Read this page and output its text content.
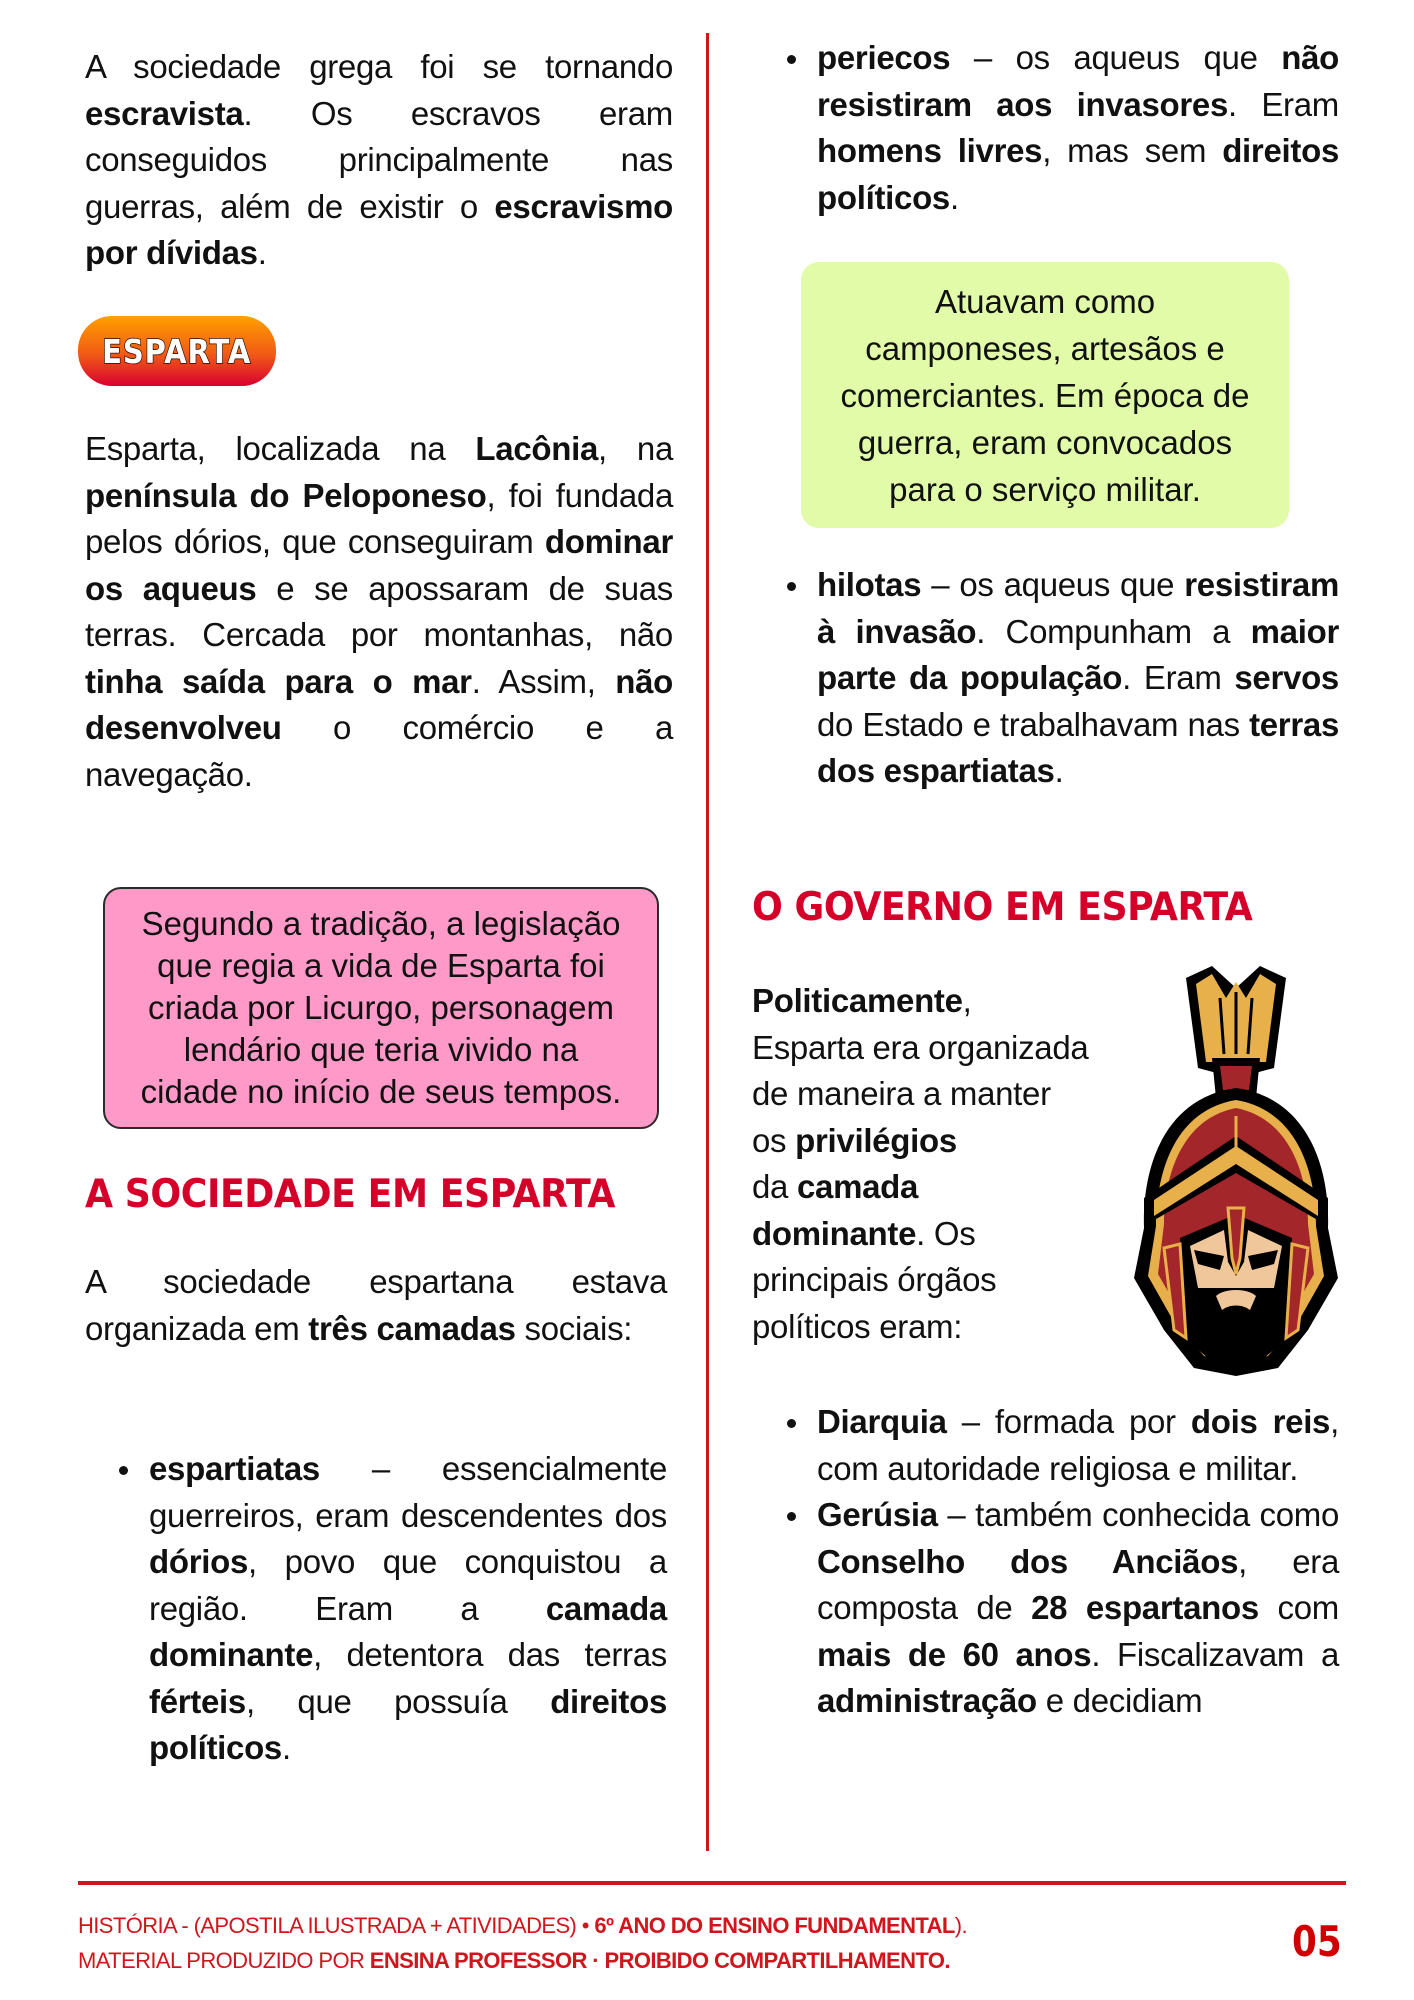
A sociedade grega foi se tornando escravista. Os escravos eram conseguidos principalmente nas guerras, além de existir o escravismo por dívidas.
ESPARTA
Esparta, localizada na Lacônia, na península do Peloponeso, foi fundada pelos dórios, que conseguiram dominar os aqueus e se apossaram de suas terras. Cercada por montanhas, não tinha saída para o mar. Assim, não desenvolveu o comércio e a navegação.
Segundo a tradição, a legislação
que regia a vida de Esparta foi
criada por Licurgo, personagem
lendário que teria vivido na
cidade no início de seus tempos.
A SOCIEDADE EM ESPARTA
A sociedade espartana estava organizada em três camadas sociais:
espartiatas – essencialmente guerreiros, eram descendentes dos dórios, povo que conquistou a região. Eram a camada dominante, detentora das terras férteis, que possuía direitos políticos.
periecos – os aqueus que não resistiram aos invasores. Eram homens livres, mas sem direitos políticos.
Atuavam como
camponeses, artesãos e
comerciantes. Em época de
guerra, eram convocados
para o serviço militar.
hilotas – os aqueus que resistiram à invasão. Compunham a maior parte da população. Eram servos do Estado e trabalhavam nas terras dos espartiatas.
O GOVERNO EM ESPARTA
Politicamente,
Esparta era organizada
de maneira a manter
os privilégios
da camada
dominante. Os
principais órgãos
políticos eram:
Diarquia – formada por dois reis, com autoridade religiosa e militar.
Gerúsia – também conhecida como Conselho dos Anciãos, era composta de 28 espartanos com mais de 60 anos. Fiscalizavam a administração e decidiam
HISTÓRIA - (APOSTILA ILUSTRADA + ATIVIDADES) • 6º ANO DO ENSINO FUNDAMENTAL).
MATERIAL PRODUZIDO POR ENSINA PROFESSOR · PROIBIDO COMPARTILHAMENTO.	05
